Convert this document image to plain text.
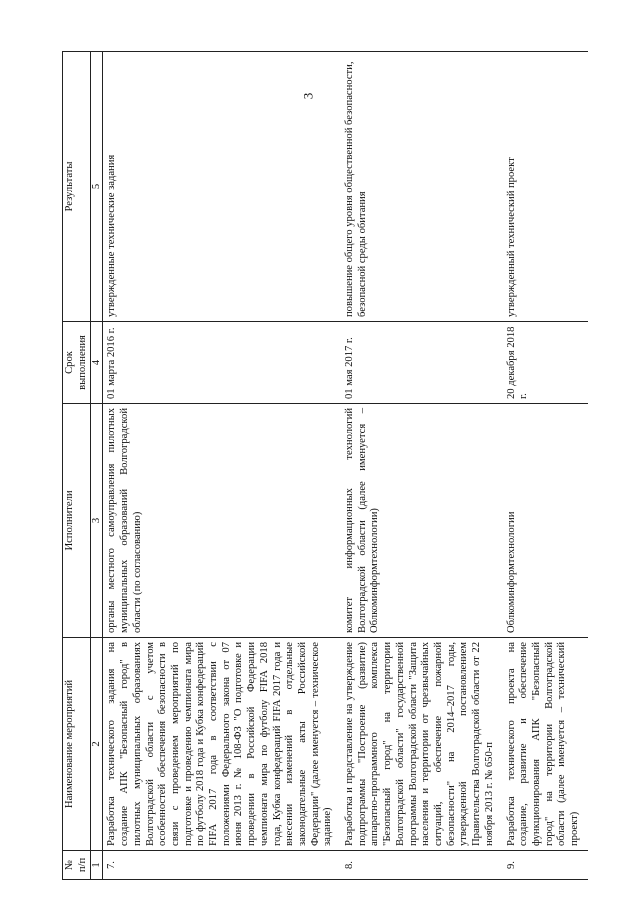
3
№ п/п	Наименование мероприятий	Исполнители	Срок выполнения	Результаты
1	2	3	4	5
7.	Разработка технического задания на создание АПК "Безопасный город" в пилотных муниципальных образованиях Волгоградской области с учетом особенностей обеспечения безопасности в связи с проведением мероприятий по подготовке и проведению чемпионата мира по футболу 2018 года и Кубка конфедераций FIFA 2017 года в соответствии с положениями Федерального закона от 07 июня 2013 г. № 108-ФЗ "О подготовке и проведении в Российской Федерации чемпионата мира по футболу FIFA 2018 года, Кубка конфедераций FIFA 2017 года и внесении изменений в отдельные законодательные акты Российской Федерации" (далее именуется – техническое задание)	органы местного самоуправления пилотных муниципальных образований Волгоградской области (по согласованию)	01 марта 2016 г.	утвержденные технические задания
8.	Разработка и представление на утверждение подпрограммы "Построение (развитие) аппаратно-программного комплекса "Безопасный город" на территории Волгоградской области" государственной программы Волгоградской области "Защита населения и территории от чрезвычайных ситуаций, обеспечение пожарной безопасности" на 2014–2017 годы, утвержденной постановлением Правительства Волгоградской области от 22 ноября 2013 г. № 650-п	комитет информационных технологий Волгоградской области (далее именуется – Облкоминформтехнологии)	01 мая 2017 г.	повышение общего уровня общественной безопасности, безопасной среды обитания
9.	Разработка технического проекта на создание, развитие и обеспечение функционирования АПК "Безопасный город" на территории Волгоградской области (далее именуется – технический проект)	Облкоминформтехнологии	20 декабря 2018 г.	утвержденный технический проект
